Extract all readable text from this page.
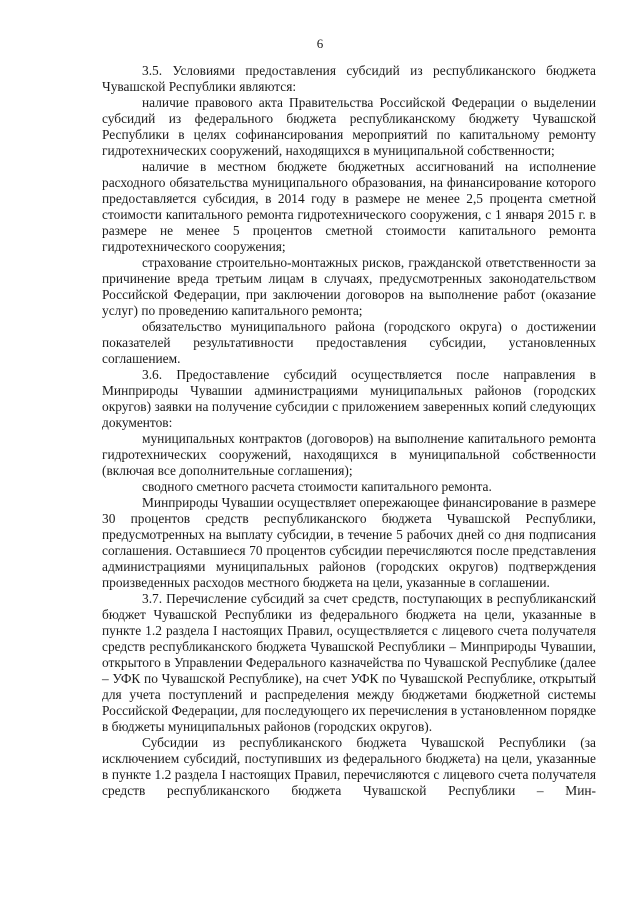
6

3.5. Условиями предоставления субсидий из республиканского бюджета Чувашской Республики являются:

наличие правового акта Правительства Российской Федерации о выделении субсидий из федерального бюджета республиканскому бюджету Чувашской Республики в целях софинансирования мероприятий по капитальному ремонту гидротехнических сооружений, находящихся в муниципальной собственности;

наличие в местном бюджете бюджетных ассигнований на исполнение расходного обязательства муниципального образования, на финансирование которого предоставляется субсидия, в 2014 году в размере не менее 2,5 процента сметной стоимости капитального ремонта гидротехнического сооружения, с 1 января 2015 г. в размере не менее 5 процентов сметной стоимости капитального ремонта гидротехнического сооружения;

страхование строительно-монтажных рисков, гражданской ответственности за причинение вреда третьим лицам в случаях, предусмотренных законодательством Российской Федерации, при заключении договоров на выполнение работ (оказание услуг) по проведению капитального ремонта;

обязательство муниципального района (городского округа) о достижении показателей результативности предоставления субсидии, установленных соглашением.

3.6. Предоставление субсидий осуществляется после направления в Минприроды Чувашии администрациями муниципальных районов (городских округов) заявки на получение субсидии с приложением заверенных копий следующих документов:

муниципальных контрактов (договоров) на выполнение капитального ремонта гидротехнических сооружений, находящихся в муниципальной собственности (включая все дополнительные соглашения);

сводного сметного расчета стоимости капитального ремонта.

Минприроды Чувашии осуществляет опережающее финансирование в размере 30 процентов средств республиканского бюджета Чувашской Республики, предусмотренных на выплату субсидии, в течение 5 рабочих дней со дня подписания соглашения. Оставшиеся 70 процентов субсидии перечисляются после представления администрациями муниципальных районов (городских округов) подтверждения произведенных расходов местного бюджета на цели, указанные в соглашении.

3.7. Перечисление субсидий за счет средств, поступающих в республиканский бюджет Чувашской Республики из федерального бюджета на цели, указанные в пункте 1.2 раздела I настоящих Правил, осуществляется с лицевого счета получателя средств республиканского бюджета Чувашской Республики – Минприроды Чувашии, открытого в Управлении Федерального казначейства по Чувашской Республике (далее – УФК по Чувашской Республике), на счет УФК по Чувашской Республике, открытый для учета поступлений и распределения между бюджетами бюджетной системы Российской Федерации, для последующего их перечисления в установленном порядке в бюджеты муниципальных районов (городских округов).

Субсидии из республиканского бюджета Чувашской Республики (за исключением субсидий, поступивших из федерального бюджета) на цели, указанные в пункте 1.2 раздела I настоящих Правил, перечисляются с лицевого счета получателя средств республиканского бюджета Чувашской Республики – Мин-
